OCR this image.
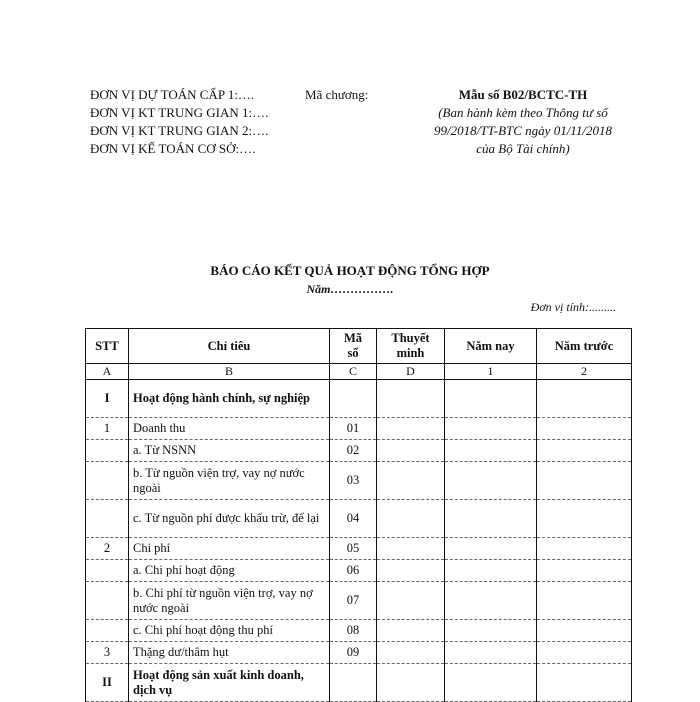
ĐƠN VỊ DỰ TOÁN CẤP 1:….
ĐƠN VỊ KT TRUNG GIAN 1:….
ĐƠN VỊ KT TRUNG GIAN 2:….
ĐƠN VỊ KẾ TOÁN CƠ SỞ:….
Mã chương:	Mẫu số B02/BCTC-TH
(Ban hành kèm theo Thông tư số
99/2018/TT-BTC ngày 01/11/2018
của Bộ Tài chính)
BÁO CÁO KẾT QUẢ HOẠT ĐỘNG TỔNG HỢP
Năm…………….
Đơn vị tính:.........
STT	Chỉ tiêu	Mã số	Thuyết minh	Năm nay	Năm trước
A	B	C	D	1	2
I	Hoạt động hành chính, sự nghiệp				
1	Doanh thu	01			
	a. Từ NSNN	02			
	b. Từ nguồn viện trợ, vay nợ nước ngoài	03			
	c. Từ nguồn phí được khấu trừ, để lại	04			
2	Chi phí	05			
	a. Chi phí hoạt động	06			
	b. Chi phí từ nguồn viện trợ, vay nợ nước ngoài	07			
	c. Chi phí hoạt động thu phí	08			
3	Thặng dư/thâm hụt	09			
II	Hoạt động sản xuất kinh doanh, dịch vụ				
